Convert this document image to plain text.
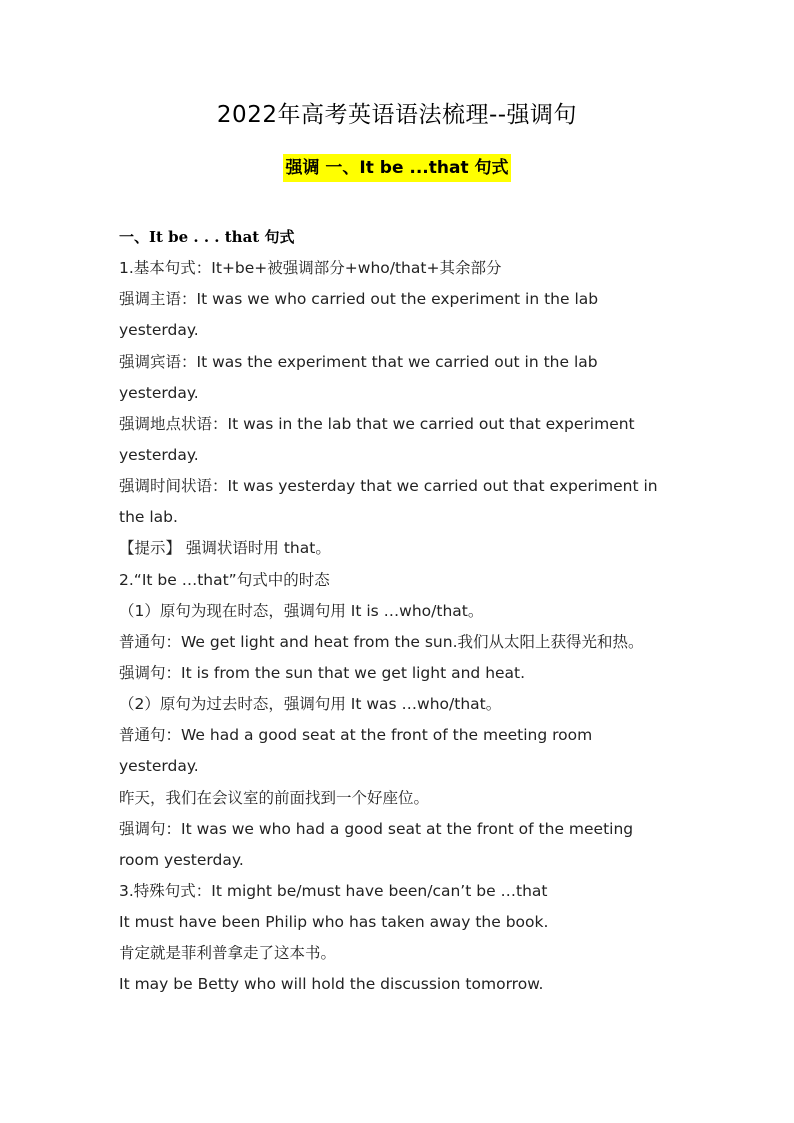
2022年高考英语语法梳理--强调句
强调 一、It be ...that 句式
一、It be . . . that 句式
1.基本句式：It+be+被强调部分+who/that+其余部分
强调主语：It was we who carried out the experiment in the lab
yesterday.
强调宾语：It was the experiment that we carried out in the lab
yesterday.
强调地点状语：It was in the lab that we carried out that experiment
yesterday.
强调时间状语：It was yesterday that we carried out that experiment in
the lab.
【提示】 强调状语时用 that。
2.“It be …that”句式中的时态
（1）原句为现在时态，强调句用 It is …who/that。
普通句：We get light and heat from the sun.我们从太阳上获得光和热。
强调句：It is from the sun that we get light and heat.
（2）原句为过去时态，强调句用 It was …who/that。
普通句：We had a good seat at the front of the meeting room
yesterday.
昨天，我们在会议室的前面找到一个好座位。
强调句：It was we who had a good seat at the front of the meeting
room yesterday.
3.特殊句式：It might be/must have been/can’t be …that
It must have been Philip who has taken away the book.
肯定就是菲利普拿走了这本书。
It may be Betty who will hold the discussion tomorrow.
